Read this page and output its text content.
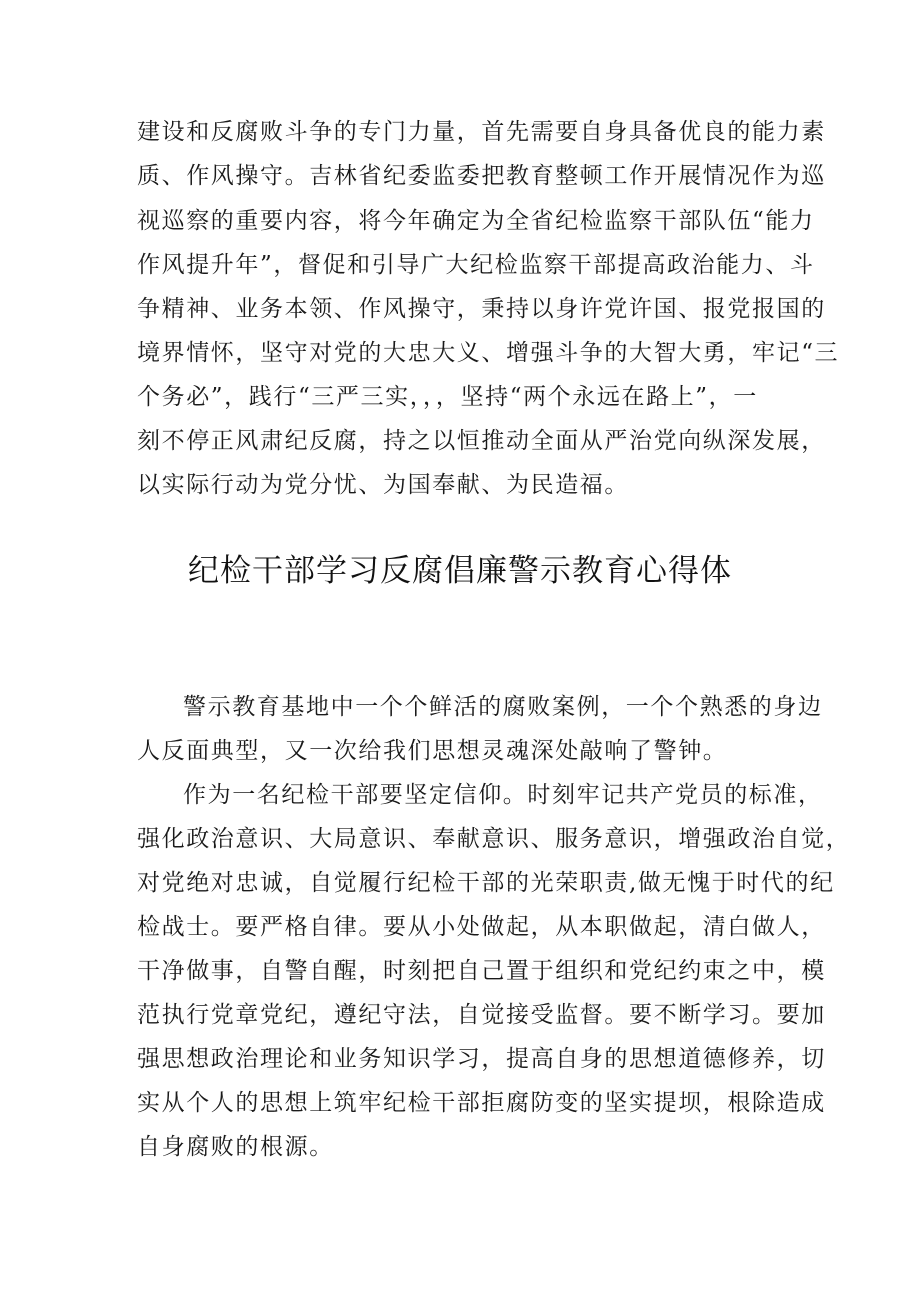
建设和反腐败斗争的专门力量，首先需要自身具备优良的能力素
质、作风操守。吉林省纪委监委把教育整顿工作开展情况作为巡
视巡察的重要内容，将今年确定为全省纪检监察干部队伍“能力
作风提升年”，督促和引导广大纪检监察干部提高政治能力、斗
争精神、业务本领、作风操守，秉持以身许党许国、报党报国的
境界情怀，坚守对党的大忠大义、增强斗争的大智大勇，牢记“三
个务必”，践行“三严三实，，，坚持“两个永远在路上”，一
刻不停正风肃纪反腐，持之以恒推动全面从严治党向纵深发展，
以实际行动为党分忧、为国奉献、为民造福。
纪检干部学习反腐倡廉警示教育心得体
警示教育基地中一个个鲜活的腐败案例，一个个熟悉的身边
人反面典型，又一次给我们思想灵魂深处敲响了警钟。
作为一名纪检干部要坚定信仰。时刻牢记共产党员的标准，
强化政治意识、大局意识、奉献意识、服务意识，增强政治自觉，
对党绝对忠诚，自觉履行纪检干部的光荣职责,做无愧于时代的纪
检战士。要严格自律。要从小处做起，从本职做起，清白做人，
干净做事，自警自醒，时刻把自己置于组织和党纪约束之中，模
范执行党章党纪，遵纪守法，自觉接受监督。要不断学习。要加
强思想政治理论和业务知识学习，提高自身的思想道德修养，切
实从个人的思想上筑牢纪检干部拒腐防变的坚实提坝，根除造成
自身腐败的根源。
